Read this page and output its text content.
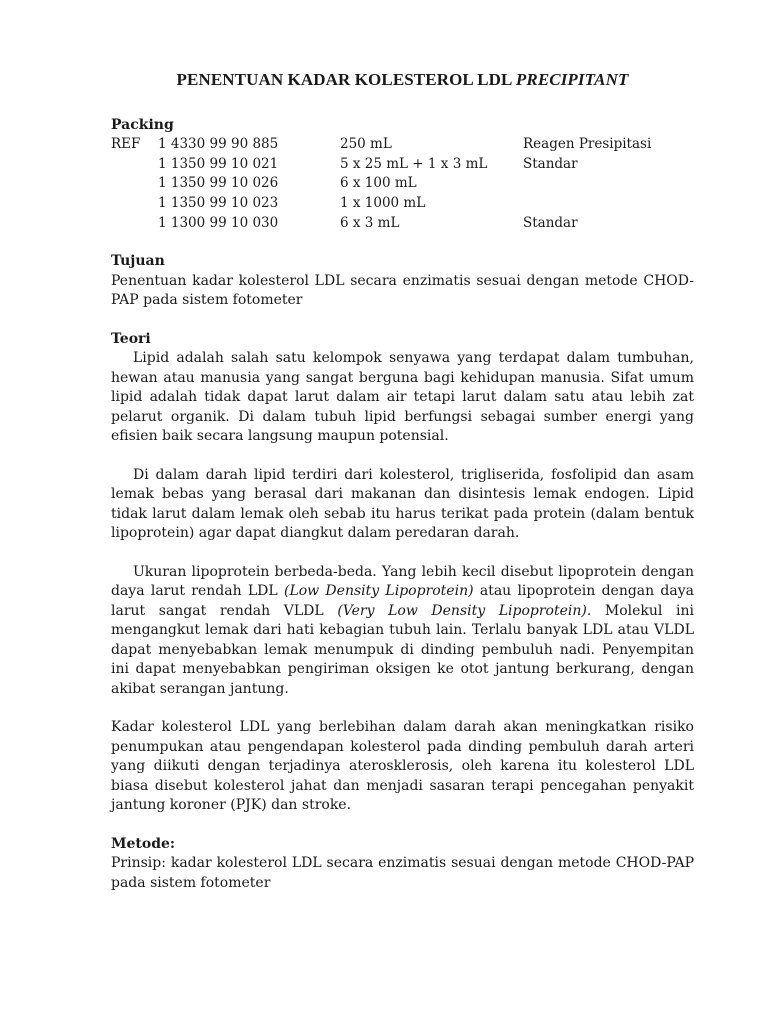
PENENTUAN KADAR KOLESTEROL LDL PRECIPITANT
Packing
REF	1 4330 99 90 885	250 mL	Reagen Presipitasi
	1 1350 99 10 021	5 x 25 mL + 1 x 3 mL	Standar
	1 1350 99 10 026	6 x 100 mL	
	1 1350 99 10 023	1 x 1000 mL	
	1 1300 99 10 030	6 x 3 mL	Standar
Tujuan

Penentuan kadar kolesterol LDL secara enzimatis sesuai dengan metode CHOD-PAP pada sistem fotometer

Teori

Lipid adalah salah satu kelompok senyawa yang terdapat dalam tumbuhan, hewan atau manusia yang sangat berguna bagi kehidupan manusia. Sifat umum lipid adalah tidak dapat larut dalam air tetapi larut dalam satu atau lebih zat pelarut organik. Di dalam tubuh lipid berfungsi sebagai sumber energi yang efisien baik secara langsung maupun potensial.

Di dalam darah lipid terdiri dari kolesterol, trigliserida, fosfolipid dan asam lemak bebas yang berasal dari makanan dan disintesis lemak endogen. Lipid tidak larut dalam lemak oleh sebab itu harus terikat pada protein (dalam bentuk lipoprotein) agar dapat diangkut dalam peredaran darah.

Ukuran lipoprotein berbeda-beda. Yang lebih kecil disebut lipoprotein dengan daya larut rendah LDL (Low Density Lipoprotein) atau lipoprotein dengan daya larut sangat rendah VLDL (Very Low Density Lipoprotein). Molekul ini mengangkut lemak dari hati kebagian tubuh lain. Terlalu banyak LDL atau VLDL dapat menyebabkan lemak menumpuk di dinding pembuluh nadi. Penyempitan ini dapat menyebabkan pengiriman oksigen ke otot jantung berkurang, dengan akibat serangan jantung.

Kadar kolesterol LDL yang berlebihan dalam darah akan meningkatkan risiko penumpukan atau pengendapan kolesterol pada dinding pembuluh darah arteri yang diikuti dengan terjadinya aterosklerosis, oleh karena itu kolesterol LDL biasa disebut kolesterol jahat dan menjadi sasaran terapi pencegahan penyakit jantung koroner (PJK) dan stroke.

Metode:

Prinsip: kadar kolesterol LDL secara enzimatis sesuai dengan metode CHOD-PAP pada sistem fotometer
